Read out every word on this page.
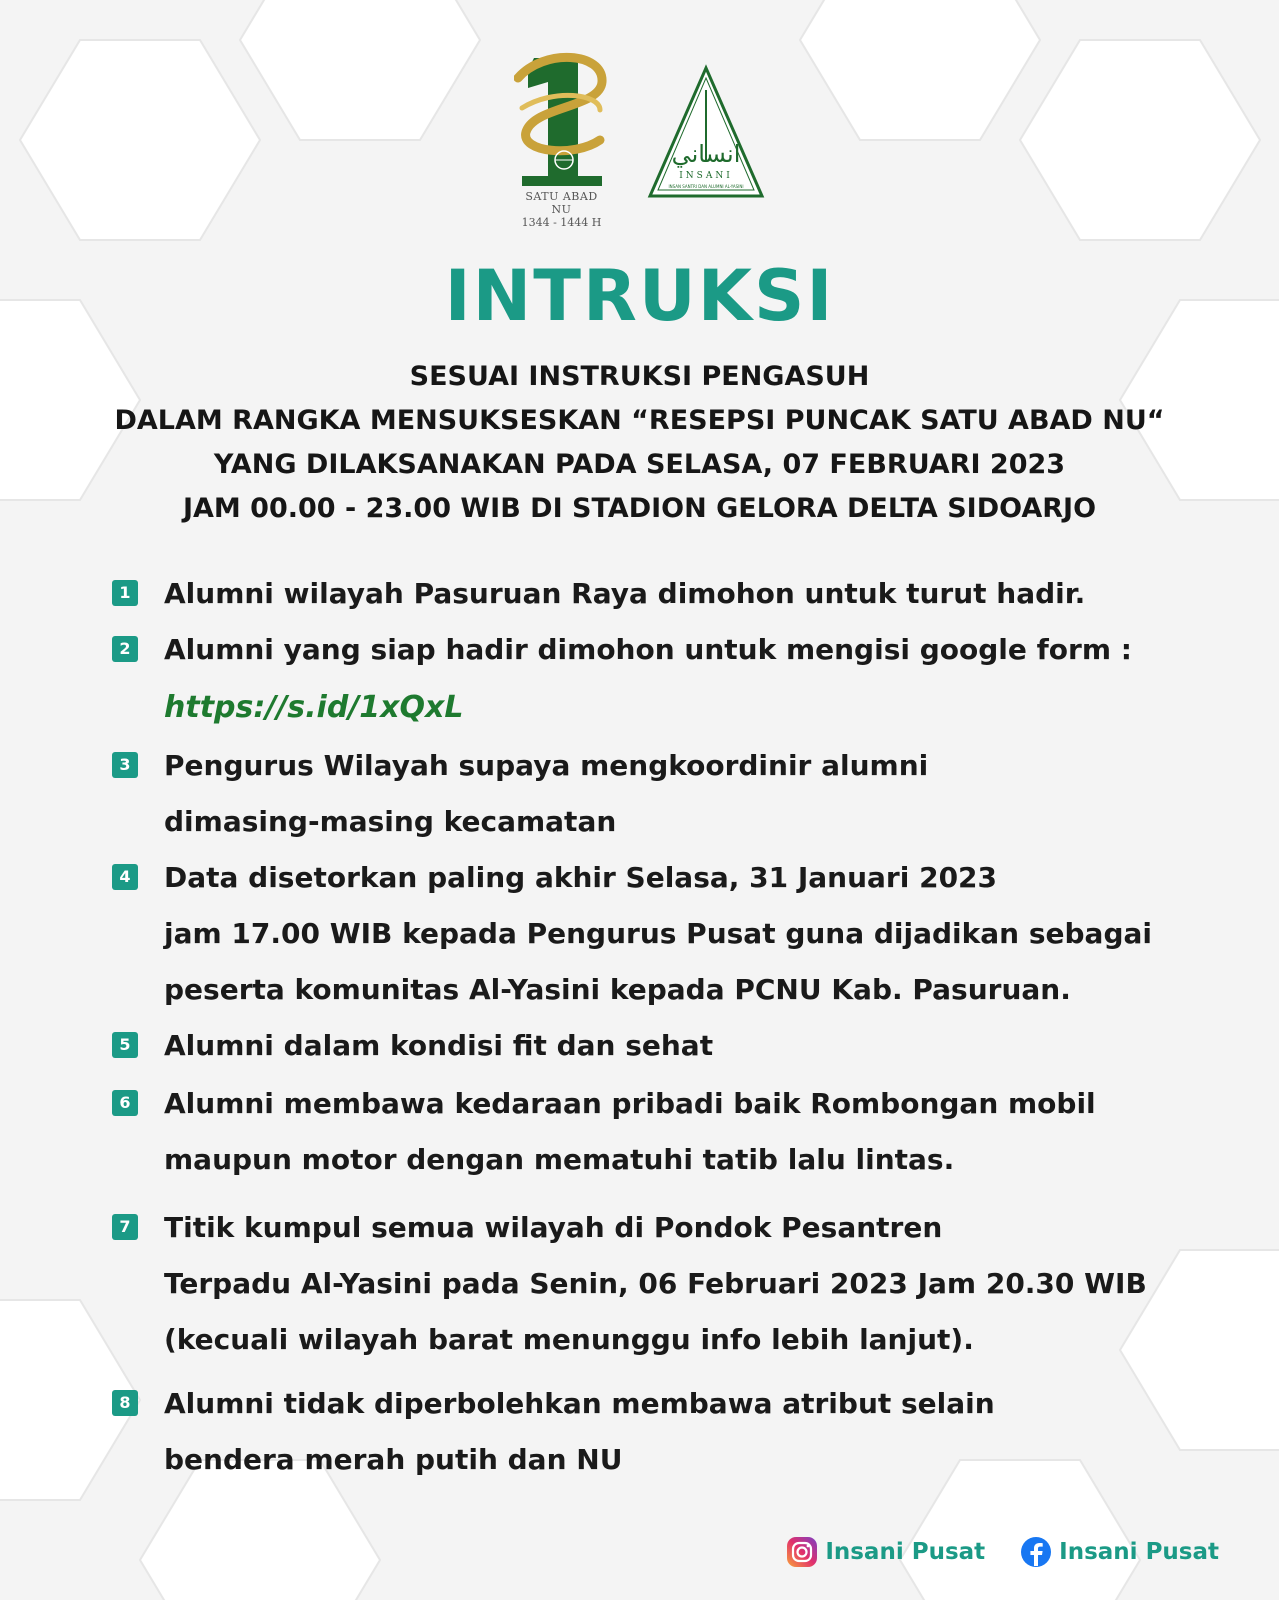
SATU ABAD NU
1344 - 1444 H
انساني
INSANI
INSAN SANTRI DAN ALUMNI AL-YASINI
INTRUKSI
SESUAI INSTRUKSI PENGASUH
DALAM RANGKA MENSUKSESKAN “RESEPSI PUNCAK SATU ABAD NU“
YANG DILAKSANAKAN PADA SELASA, 07 FEBRUARI 2023
JAM 00.00 - 23.00 WIB DI STADION GELORA DELTA SIDOARJO
1 Alumni wilayah Pasuruan Raya dimohon untuk turut hadir.
2 Alumni yang siap hadir dimohon untuk mengisi google form :
https://s.id/1xQxL
3 Pengurus Wilayah supaya mengkoordinir alumni
dimasing-masing kecamatan
4 Data disetorkan paling akhir Selasa, 31 Januari 2023
jam 17.00 WIB kepada Pengurus Pusat guna dijadikan sebagai
peserta komunitas Al-Yasini kepada PCNU Kab. Pasuruan.
5 Alumni dalam kondisi fit dan sehat
6 Alumni membawa kedaraan pribadi baik Rombongan mobil
maupun motor dengan mematuhi tatib lalu lintas.
7 Titik kumpul semua wilayah di Pondok Pesantren
Terpadu Al-Yasini pada Senin, 06 Februari 2023 Jam 20.30 WIB
(kecuali wilayah barat menunggu info lebih lanjut).
8 Alumni tidak diperbolehkan membawa atribut selain
bendera merah putih dan NU
Insani Pusat	Insani Pusat
